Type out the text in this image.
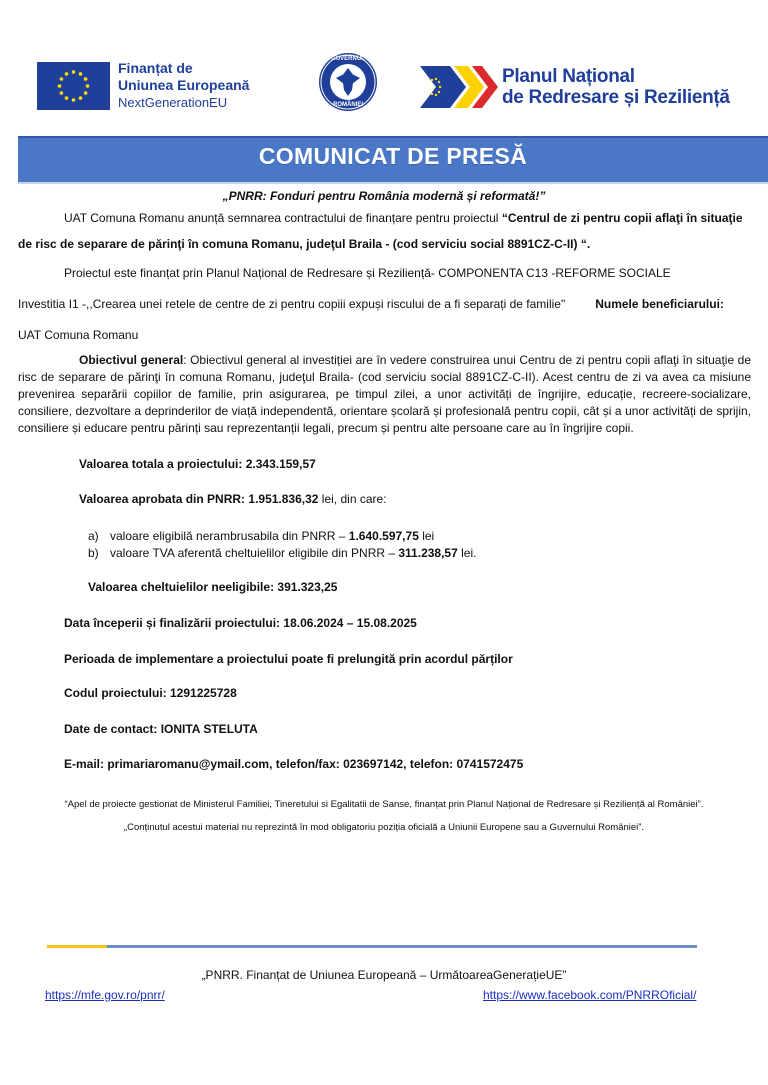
Finanțat de
Uniunea Europeană
NextGenerationEU
GUVERNUL
ROMÂNIEI
Planul Național
de Redresare și Reziliență
COMUNICAT DE PRESĂ
„PNRR: Fonduri pentru România modernă și reformată!”
UAT Comuna Romanu anunță semnarea contractului de finanțare pentru proiectul “Centrul de zi pentru copii aflaţi în situaţie de risc de separare de părinţi în comuna Romanu, judeţul Braila - (cod serviciu social 8891CZ-C-II) “.
Proiectul este finanțat prin Planul Național de Redresare și Reziliență- COMPONENTA C13 -REFORME SOCIALE
Investitia I1 -,,Crearea unei retele de centre de zi pentru copiii expuși riscului de a fi separați de familie"	Numele beneficiarului:
UAT Comuna Romanu
Obiectivul general: Obiectivul general al investiției are în vedere construirea unui Centru de zi pentru copii aflaţi în situaţie de risc de separare de părinţi în comuna Romanu, judeţul Braila- (cod serviciu social 8891CZ-C-II). Acest centru de zi va avea ca misiune prevenirea separării copiilor de familie, prin asigurarea, pe timpul zilei, a unor activități de îngrijire, educație, recreere-socializare, consiliere, dezvoltare a deprinderilor de viață independentă, orientare școlară și profesională pentru copii, cât și a unor activități de sprijin, consiliere și educare pentru părinți sau reprezentanții legali, precum și pentru alte persoane care au în îngrijire copii.
Valoarea totala a proiectului: 2.343.159,57
Valoarea aprobata din PNRR: 1.951.836,32 lei, din care:
a) valoare eligibilă nerambrusabila din PNRR – 1.640.597,75 lei
b) valoare TVA aferentă cheltuielilor eligibile din PNRR – 311.238,57 lei.
Valoarea cheltuielilor neeligibile: 391.323,25
Data începerii și finalizării proiectului: 18.06.2024 – 15.08.2025
Perioada de implementare a proiectului poate fi prelungită prin acordul părților
Codul proiectului: 1291225728
Date de contact: IONITA STELUTA
E-mail: primariaromanu@ymail.com, telefon/fax: 023697142, telefon: 0741572475
“Apel de proiecte gestionat de Ministerul Familiei, Tineretului si Egalitatii de Sanse, finanțat prin Planul Național de Redresare și Reziliență al României”.
„Conținutul acestui material nu reprezintă în mod obligatoriu poziția oficială a Uniunii Europene sau a Guvernului României”.
„PNRR. Finanțat de Uniunea Europeană – UrmătoareaGenerațieUE”
https://mfe.gov.ro/pnrr/	https://www.facebook.com/PNRROficial/
